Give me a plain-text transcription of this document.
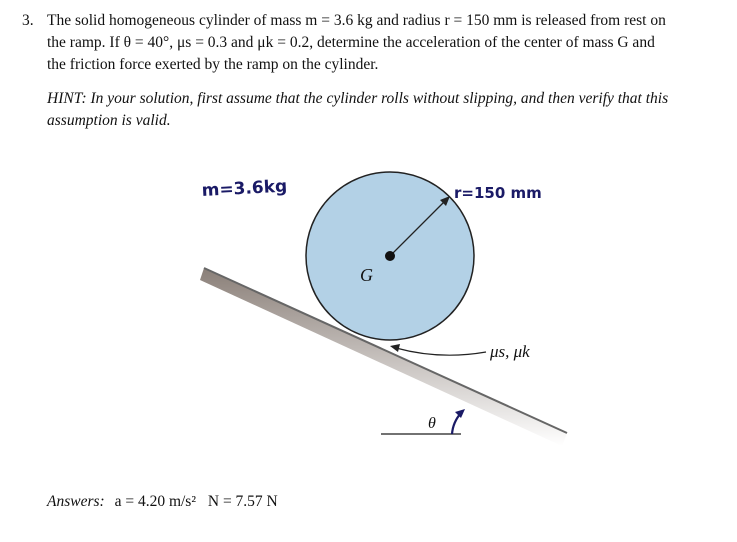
3. The solid homogeneous cylinder of mass m = 3.6 kg and radius r = 150 mm is released from rest on
the ramp. If θ = 40°, μs = 0.3 and μk = 0.2, determine the acceleration of the center of mass G and
the friction force exerted by the ramp on the cylinder.
HINT: In your solution, first assume that the cylinder rolls without slipping, and then verify that this
assumption is valid.
G
μs, μk
θ
m=3.6kg	r=150 mm
Answers: a = 4.20 m/s² N = 7.57 N
